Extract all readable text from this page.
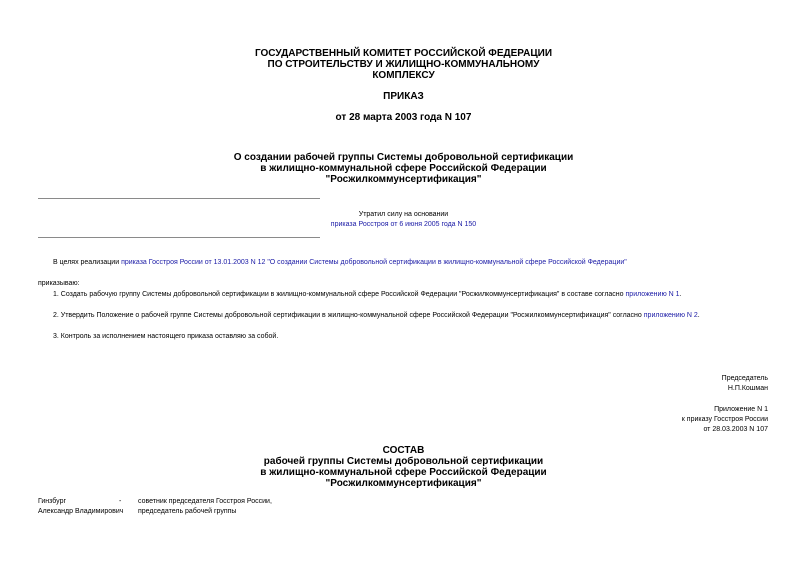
ГОСУДАРСТВЕННЫЙ КОМИТЕТ РОССИЙСКОЙ ФЕДЕРАЦИИ
ПО СТРОИТЕЛЬСТВУ И ЖИЛИЩНО-КОММУНАЛЬНОМУ
КОМПЛЕКСУ
ПРИКАЗ
от 28 марта 2003 года N 107
О создании рабочей группы Системы добровольной сертификации
в жилищно-коммунальной сфере Российской Федерации
"Росжилкоммунсертификация"
Утратил силу на основании
приказа Росстроя от 6 июня 2005 года N 150
В целях реализации приказа Госстроя России от 13.01.2003 N 12 "О создании Системы добровольной сертификации в жилищно-коммунальной сфере Российской Федерации"
приказываю:
1. Создать рабочую группу Системы добровольной сертификации в жилищно-коммунальной сфере Российской Федерации "Росжилкоммунсертификация" в составе согласно приложению N 1.
2. Утвердить Положение о рабочей группе Системы добровольной сертификации в жилищно-коммунальной сфере Российской Федерации "Росжилкоммунсертификация" согласно приложению N 2.
3. Контроль за исполнением настоящего приказа оставляю за собой.
Председатель
Н.П.Кошман
Приложение N 1
к приказу Госстроя России
от 28.03.2003 N 107
СОСТАВ
рабочей группы Системы добровольной сертификации
в жилищно-коммунальной сфере Российской Федерации
"Росжилкоммунсертификация"
Гинзбург
Александр Владимирович
- советник председателя Госстроя России,
председатель рабочей группы
